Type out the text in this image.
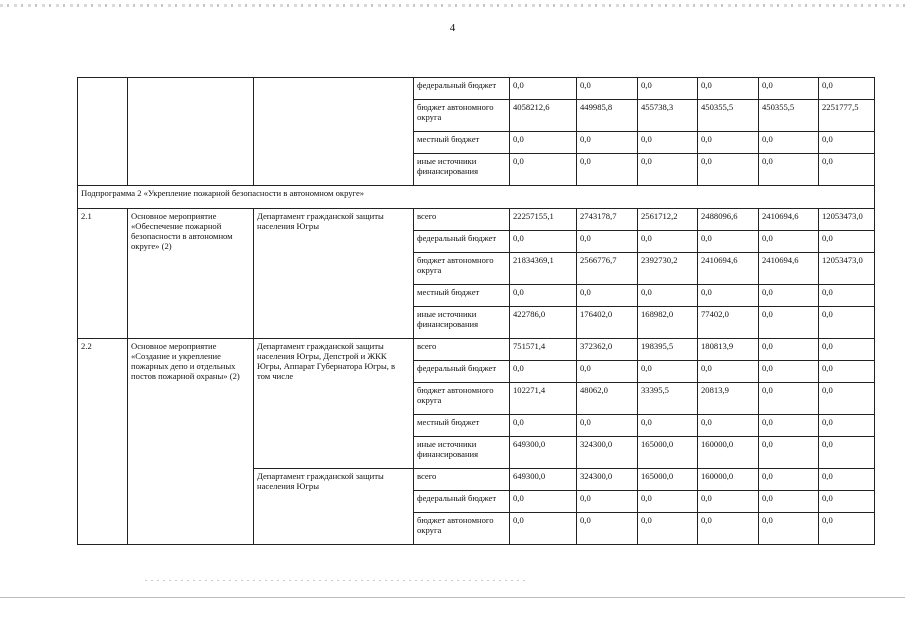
4
			федеральный бюджет	0,0	0,0	0,0	0,0	0,0	0,0
			бюджет автономного округа	4058212,6	449985,8	455738,3	450355,5	450355,5	2251777,5
			местный бюджет	0,0	0,0	0,0	0,0	0,0	0,0
			иные источники финансирования	0,0	0,0	0,0	0,0	0,0	0,0
Подпрограмма 2 «Укрепление пожарной безопасности в автономном округе»									
2.1	Основное мероприятие «Обеспечение пожарной безопасности в автономном округе» (2)	Департамент гражданской защиты населения Югры	всего	22257155,1	2743178,7	2561712,2	2488096,6	2410694,6	12053473,0
			федеральный бюджет	0,0	0,0	0,0	0,0	0,0	0,0
			бюджет автономного округа	21834369,1	2566776,7	2392730,2	2410694,6	2410694,6	12053473,0
			местный бюджет	0,0	0,0	0,0	0,0	0,0	0,0
			иные источники финансирования	422786,0	176402,0	168982,0	77402,0	0,0	0,0
2.2	Основное мероприятие «Создание и укрепление пожарных депо и отдельных постов пожарной охраны» (2)	Департамент гражданской защиты населения Югры, Депстрой и ЖКК Югры, Аппарат Губернатора Югры, в том числе	всего	751571,4	372362,0	198395,5	180813,9	0,0	0,0
			федеральный бюджет	0,0	0,0	0,0	0,0	0,0	0,0
			бюджет автономного округа	102271,4	48062,0	33395,5	20813,9	0,0	0,0
			местный бюджет	0,0	0,0	0,0	0,0	0,0	0,0
			иные источники финансирования	649300,0	324300,0	165000,0	160000,0	0,0	0,0
		Департамент гражданской защиты населения Югры	всего	649300,0	324300,0	165000,0	160000,0	0,0	0,0
			федеральный бюджет	0,0	0,0	0,0	0,0	0,0	0,0
			бюджет автономного округа	0,0	0,0	0,0	0,0	0,0	0,0
